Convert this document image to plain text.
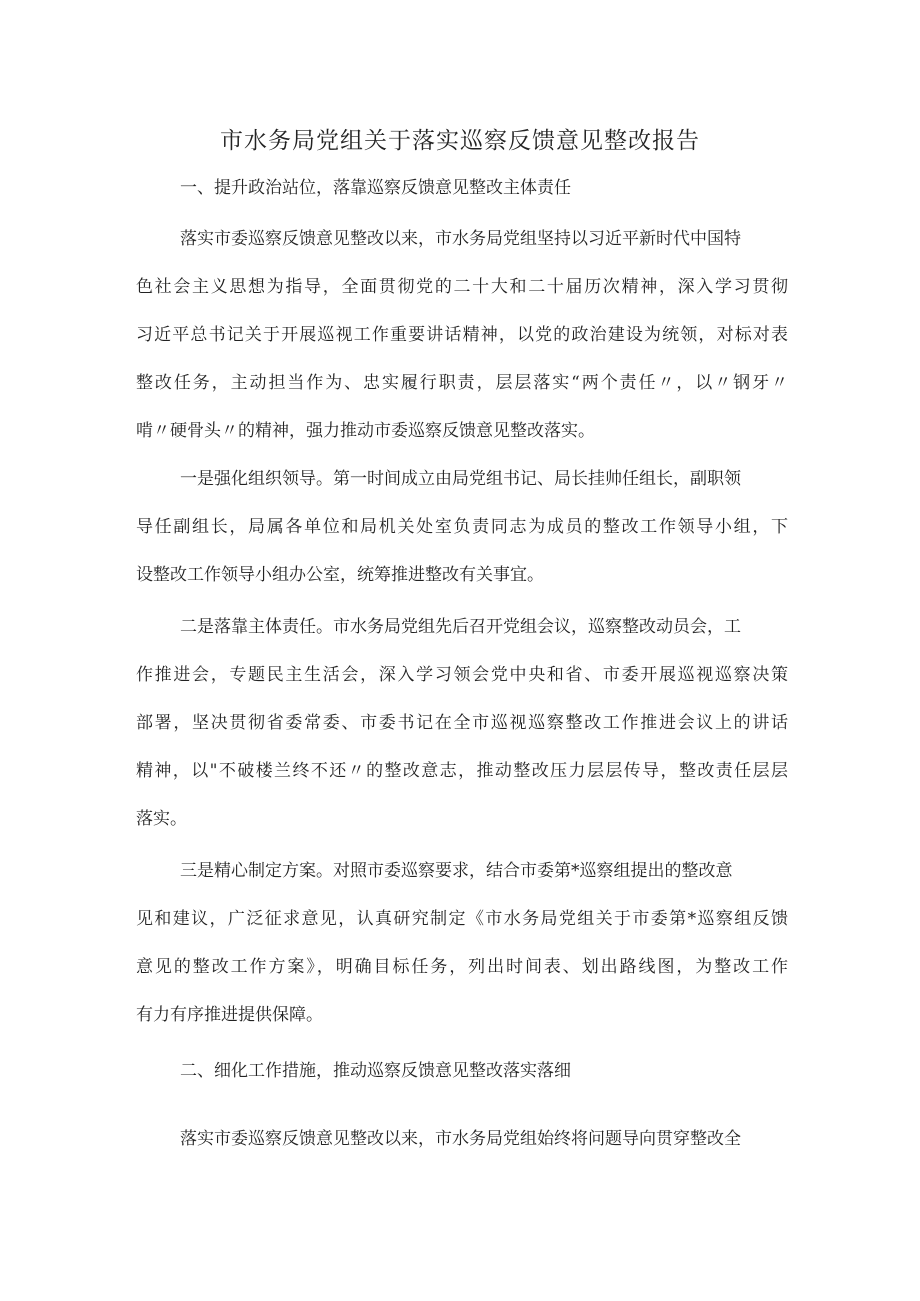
市水务局党组关于落实巡察反馈意见整改报告
一、提升政治站位，落靠巡察反馈意见整改主体责任
落实市委巡察反馈意见整改以来，市水务局党组坚持以习近平新时代中国特
色社会主义思想为指导，全面贯彻党的二十大和二十届历次精神，深入学习贯彻
习近平总书记关于开展巡视工作重要讲话精神，以党的政治建设为统领，对标对表
整改任务，主动担当作为、忠实履行职责，层层落实“两个责任〃，以〃钢牙〃
啃〃硬骨头〃的精神，强力推动市委巡察反馈意见整改落实。
一是强化组织领导。第一时间成立由局党组书记、局长挂帅任组长，副职领
导任副组长，局属各单位和局机关处室负责同志为成员的整改工作领导小组，下
设整改工作领导小组办公室，统筹推进整改有关事宜。
二是落靠主体责任。市水务局党组先后召开党组会议，巡察整改动员会，工
作推进会，专题民主生活会，深入学习领会党中央和省、市委开展巡视巡察决策
部署，坚决贯彻省委常委、市委书记在全市巡视巡察整改工作推进会议上的讲话
精神，以"不破楼兰终不还〃的整改意志，推动整改压力层层传导，整改责任层层
落实。
三是精心制定方案。对照市委巡察要求，结合市委第*巡察组提出的整改意
见和建议，广泛征求意见，认真研究制定《市水务局党组关于市委第*巡察组反馈
意见的整改工作方案》，明确目标任务，列出时间表、划出路线图，为整改工作
有力有序推进提供保障。
二、细化工作措施，推动巡察反馈意见整改落实落细
落实市委巡察反馈意见整改以来，市水务局党组始终将问题导向贯穿整改全
